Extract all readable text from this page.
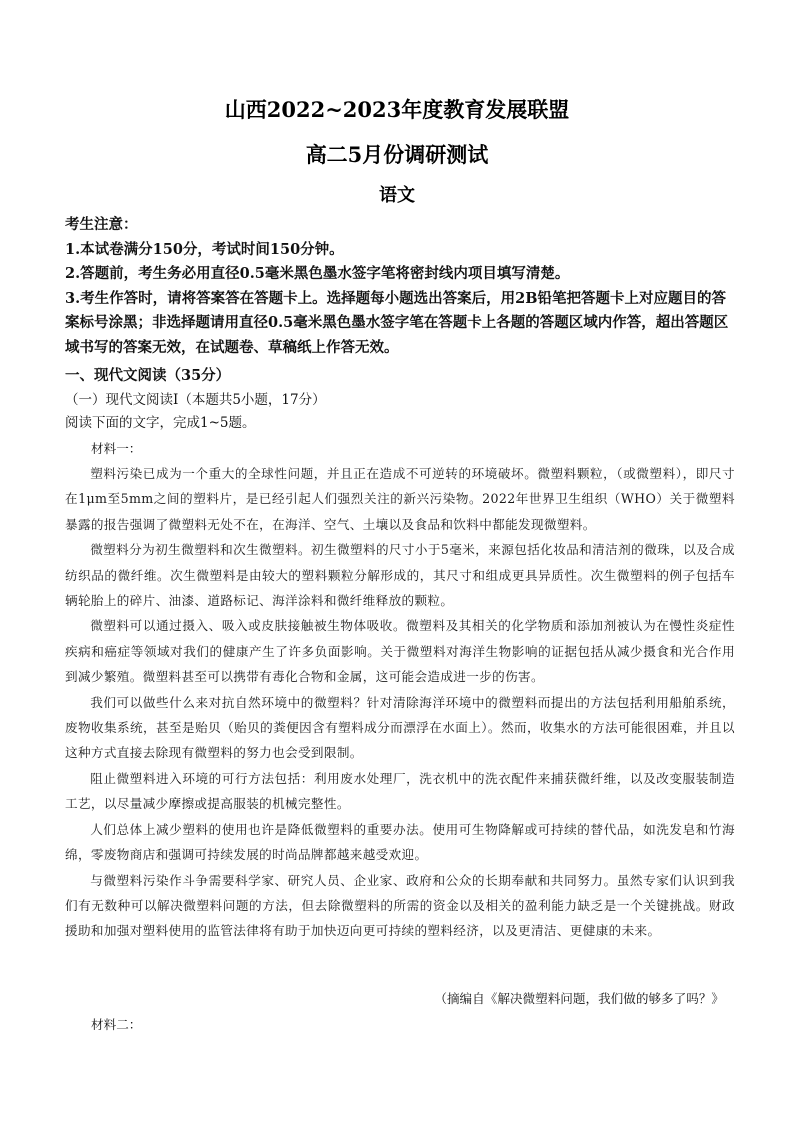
山西2022~2023年度教育发展联盟
高二5月份调研测试
语文

考生注意：

1.本试卷满分150分，考试时间150分钟。

2.答题前，考生务必用直径0.5毫米黑色墨水签字笔将密封线内项目填写清楚。

3.考生作答时，请将答案答在答题卡上。选择题每小题选出答案后，用2B铅笔把答题卡上对应题目的答案标号涂黑；非选择题请用直径0.5毫米黑色墨水签字笔在答题卡上各题的答题区域内作答，超出答题区域书写的答案无效，在试题卷、草稿纸上作答无效。

一、现代文阅读（35分）
（一）现代文阅读Ⅰ（本题共5小题，17分）
阅读下面的文字，完成1~5题。
材料一：

塑料污染已成为一个重大的全球性问题，并且正在造成不可逆转的环境破坏。微塑料颗粒，（或微塑料），即尺寸在1μm至5mm之间的塑料片，是已经引起人们强烈关注的新兴污染物。2022年世界卫生组织（WHO）关于微塑料暴露的报告强调了微塑料无处不在，在海洋、空气、土壤以及食品和饮料中都能发现微塑料。

微塑料分为初生微塑料和次生微塑料。初生微塑料的尺寸小于5毫米，来源包括化妆品和清洁剂的微珠，以及合成纺织品的微纤维。次生微塑料是由较大的塑料颗粒分解形成的，其尺寸和组成更具异质性。次生微塑料的例子包括车辆轮胎上的碎片、油漆、道路标记、海洋涂料和微纤维释放的颗粒。

微塑料可以通过摄入、吸入或皮肤接触被生物体吸收。微塑料及其相关的化学物质和添加剂被认为在慢性炎症性疾病和癌症等领域对我们的健康产生了许多负面影响。关于微塑料对海洋生物影响的证据包括从减少摄食和光合作用到减少繁殖。微塑料甚至可以携带有毒化合物和金属，这可能会造成进一步的伤害。

我们可以做些什么来对抗自然环境中的微塑料？针对清除海洋环境中的微塑料而提出的方法包括利用船舶系统，废物收集系统，甚至是贻贝（贻贝的粪便因含有塑料成分而漂浮在水面上）。然而，收集水的方法可能很困难，并且以这种方式直接去除现有微塑料的努力也会受到限制。

阻止微塑料进入环境的可行方法包括：利用废水处理厂，洗衣机中的洗衣配件来捕获微纤维，以及改变服装制造工艺，以尽量减少摩擦或提高服装的机械完整性。

人们总体上减少塑料的使用也许是降低微塑料的重要办法。使用可生物降解或可持续的替代品，如洗发皂和竹海绵，零废物商店和强调可持续发展的时尚品牌都越来越受欢迎。

与微塑料污染作斗争需要科学家、研究人员、企业家、政府和公众的长期奉献和共同努力。虽然专家们认识到我们有无数种可以解决微塑料问题的方法，但去除微塑料的所需的资金以及相关的盈利能力缺乏是一个关键挑战。财政援助和加强对塑料使用的监管法律将有助于加快迈向更可持续的塑料经济，以及更清洁、更健康的未来。

（摘编自《解决微塑料问题，我们做的够多了吗？》
材料二：
